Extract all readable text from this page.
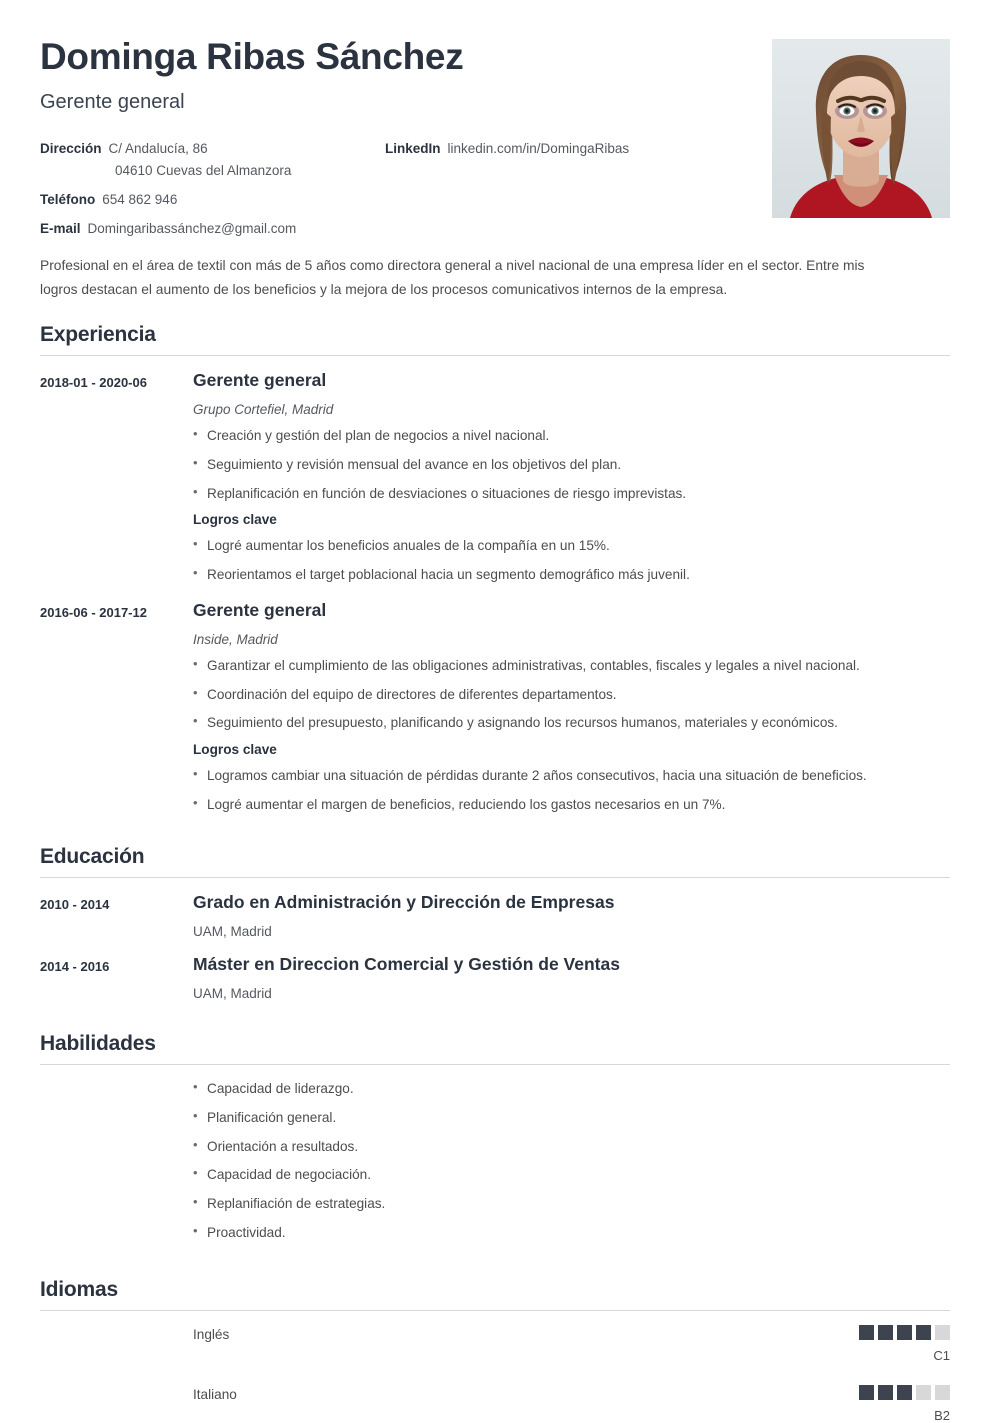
Dominga Ribas Sánchez
Gerente general
Dirección C/ Andalucía, 86
04610 Cuevas del Almanzora
Teléfono 654 862 946
E-mail Domingaribassánchez@gmail.com
LinkedIn linkedin.com/in/DomingaRibas

Profesional en el área de textil con más de 5 años como directora general a nivel nacional de una empresa líder en el sector. Entre mis logros destacan el aumento de los beneficios y la mejora de los procesos comunicativos internos de la empresa.

Experiencia
2018-01 - 2020-06	Gerente general
Grupo Cortefiel, Madrid
• Creación y gestión del plan de negocios a nivel nacional.
• Seguimiento y revisión mensual del avance en los objetivos del plan.
• Replanificación en función de desviaciones o situaciones de riesgo imprevistas.
Logros clave
• Logré aumentar los beneficios anuales de la compañía en un 15%.
• Reorientamos el target poblacional hacia un segmento demográfico más juvenil.
2016-06 - 2017-12	Gerente general
Inside, Madrid
• Garantizar el cumplimiento de las obligaciones administrativas, contables, fiscales y legales a nivel nacional.
• Coordinación del equipo de directores de diferentes departamentos.
• Seguimiento del presupuesto, planificando y asignando los recursos humanos, materiales y económicos.
Logros clave
• Logramos cambiar una situación de pérdidas durante 2 años consecutivos, hacia una situación de beneficios.
• Logré aumentar el margen de beneficios, reduciendo los gastos necesarios en un 7%.
Educación
2010 - 2014	Grado en Administración y Dirección de Empresas
UAM, Madrid
2014 - 2016	Máster en Direccion Comercial y Gestión de Ventas
UAM, Madrid
Habilidades
• Capacidad de liderazgo.
• Planificación general.
• Orientación a resultados.
• Capacidad de negociación.
• Replanifiación de estrategias.
• Proactividad.
Idiomas
Inglés
C1
Italiano
B2
